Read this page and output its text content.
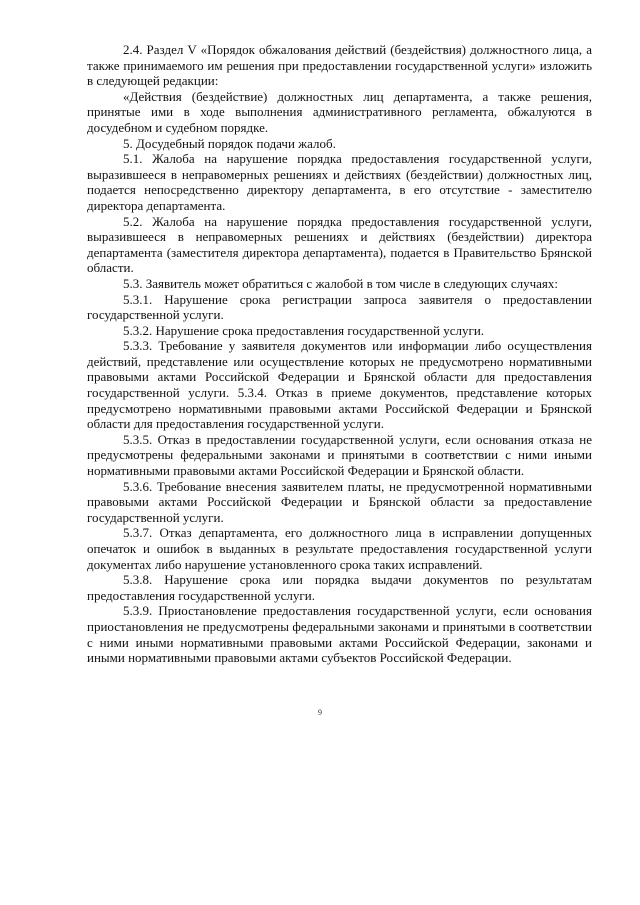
2.4. Раздел V «Порядок обжалования действий (бездействия) должностного лица, а также принимаемого им решения при предоставлении государственной услуги» изложить в следующей редакции:

«Действия (бездействие) должностных лиц департамента, а также решения, принятые ими в ходе выполнения административного регламента, обжалуются в досудебном и судебном порядке.

5. Досудебный порядок подачи жалоб.

5.1. Жалоба на нарушение порядка предоставления государственной услуги, выразившееся в неправомерных решениях и действиях (бездействии) должностных лиц, подается непосредственно директору департамента, в его отсутствие - заместителю директора департамента.

5.2. Жалоба на нарушение порядка предоставления государственной услуги, выразившееся в неправомерных решениях и действиях (бездействии) директора департамента (заместителя директора департамента), подается в Правительство Брянской области.

5.3. Заявитель может обратиться с жалобой в том числе в следующих случаях:

5.3.1. Нарушение срока регистрации запроса заявителя о предоставлении государственной услуги.

5.3.2. Нарушение срока предоставления государственной услуги.

5.3.3. Требование у заявителя документов или информации либо осуществления действий, представление или осуществление которых не предусмотрено нормативными правовыми актами Российской Федерации и Брянской области для предоставления государственной услуги. 5.3.4. Отказ в приеме документов, представление которых предусмотрено нормативными правовыми актами Российской Федерации и Брянской области для предоставления государственной услуги.

5.3.5. Отказ в предоставлении государственной услуги, если основания отказа не предусмотрены федеральными законами и принятыми в соответствии с ними иными нормативными правовыми актами Российской Федерации и Брянской области.

5.3.6. Требование внесения заявителем платы, не предусмотренной нормативными правовыми актами Российской Федерации и Брянской области за предоставление государственной услуги.

5.3.7. Отказ департамента, его должностного лица в исправлении допущенных опечаток и ошибок в выданных в результате предоставления государственной услуги документах либо нарушение установленного срока таких исправлений.

5.3.8. Нарушение срока или порядка выдачи документов по результатам предоставления государственной услуги.

5.3.9. Приостановление предоставления государственной услуги, если основания приостановления не предусмотрены федеральными законами и принятыми в соответствии с ними иными нормативными правовыми актами Российской Федерации, законами и иными нормативными правовыми актами субъектов Российской Федерации.

9
